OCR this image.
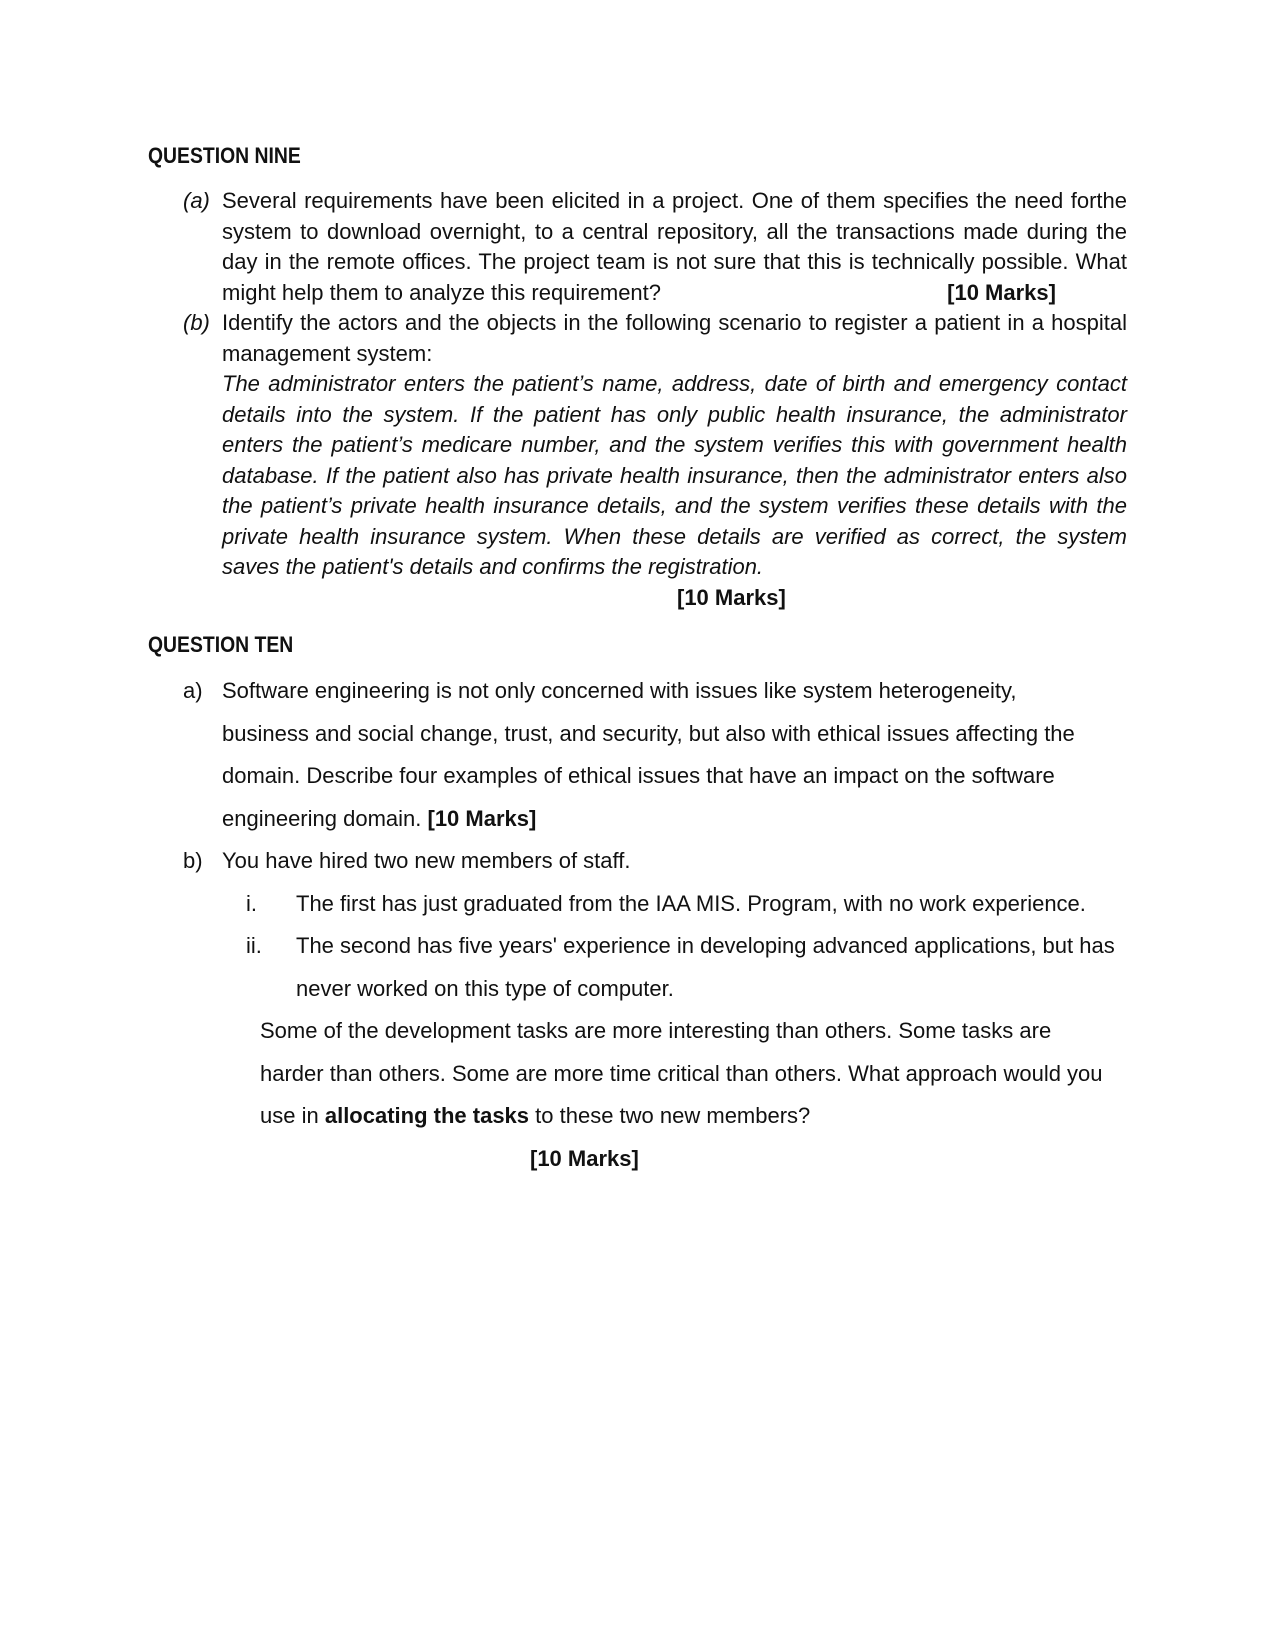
QUESTION NINE
(a) Several requirements have been elicited in a project. One of them specifies the need forthe system to download overnight, to a central repository, all the transactions made during the day in the remote offices. The project team is not sure that this is technically possible. What might help them to analyze this requirement?	[10 Marks]
(b) Identify the actors and the objects in the following scenario to register a patient in a hospital management system:
The administrator enters the patient’s name, address, date of birth and emergency contact details into the system. If the patient has only public health insurance, the administrator enters the patient’s medicare number, and the system verifies this with government health database. If the patient also has private health insurance, then the administrator enters also the patient’s private health insurance details, and the system verifies these details with the private health insurance system. When these details are verified as correct, the system saves the patient's details and confirms the registration.
[10 Marks]
QUESTION TEN
a) Software engineering is not only concerned with issues like system heterogeneity, business and social change, trust, and security, but also with ethical issues affecting the domain. Describe four examples of ethical issues that have an impact on the software engineering domain. [10 Marks]
b) You have hired two new members of staff.
i. The first has just graduated from the IAA MIS. Program, with no work experience.
ii. The second has five years' experience in developing advanced applications, but has never worked on this type of computer.
Some of the development tasks are more interesting than others. Some tasks are harder than others. Some are more time critical than others. What approach would you use in allocating the tasks to these two new members? [10 Marks]
